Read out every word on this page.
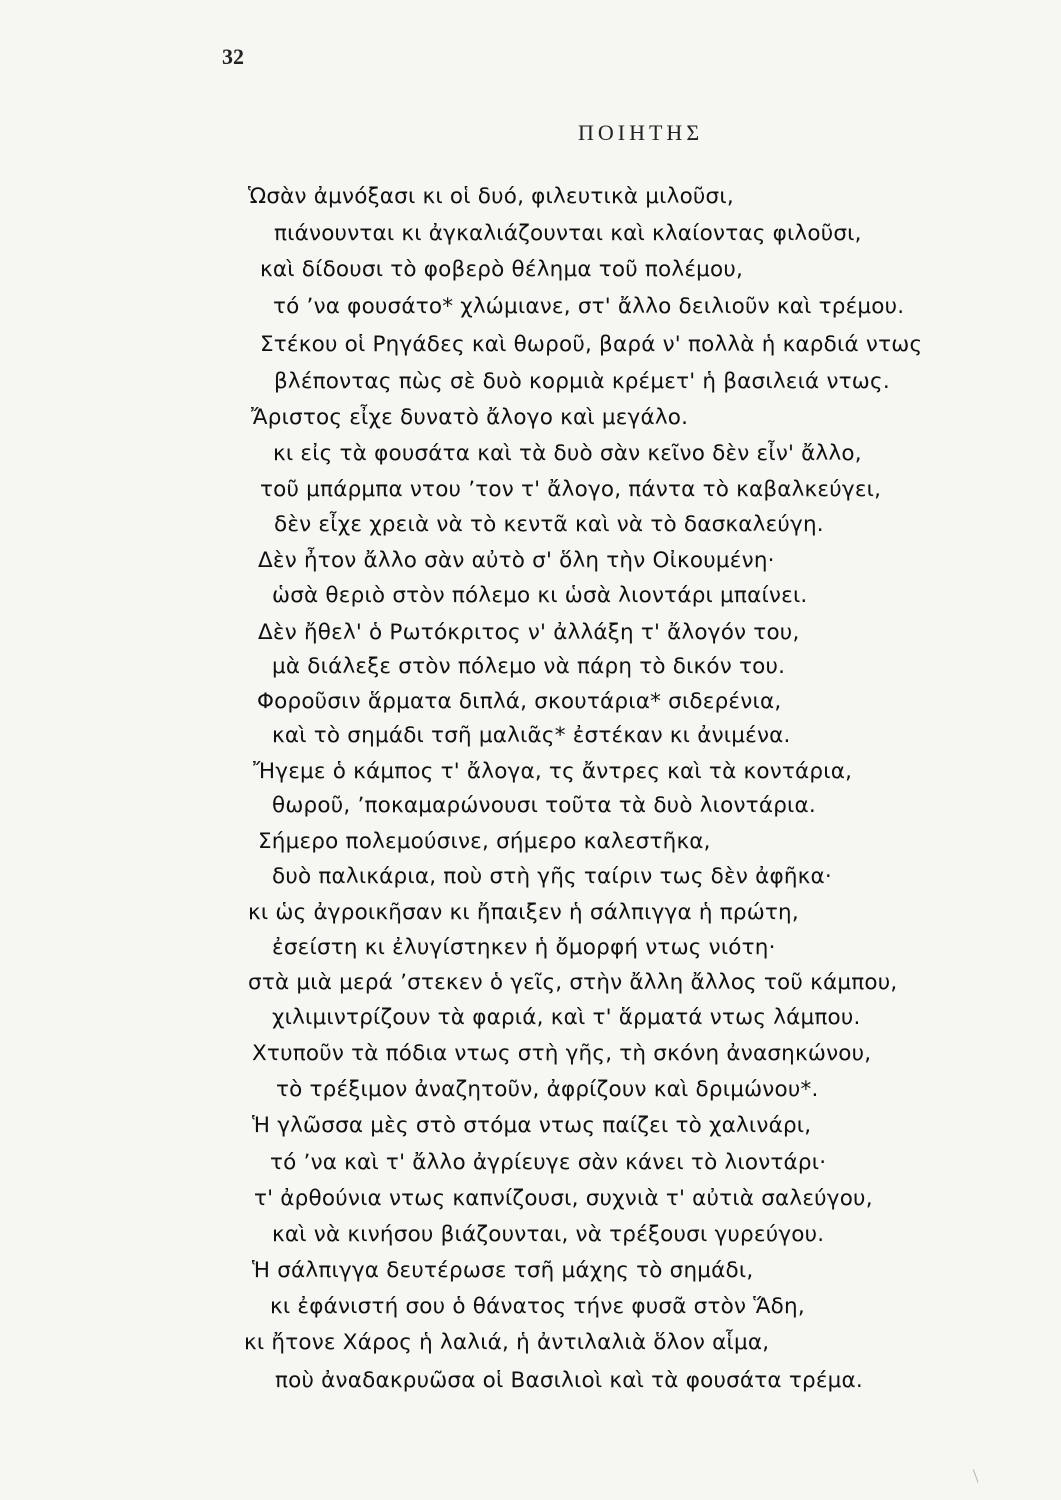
32
ΠΟΙΗΤΗΣ
Ὡσὰν ἀμνόξασι κι οἱ δυό, φιλευτικὰ μιλοῦσι,
πιάνουνται κι ἀγκαλιάζουνται καὶ κλαίοντας φιλοῦσι,
καὶ δίδουσι τὸ φοβερὸ θέλημα τοῦ πολέμου,
τό ʼνα φουσάτο* χλώμιανε, στ' ἄλλο δειλιοῦν καὶ τρέμου.
Στέκου οἱ Ρηγάδες καὶ θωροῦ, βαρά ν' πολλὰ ἡ καρδιά ντως
βλέποντας πὼς σὲ δυὸ κορμιὰ κρέμετ' ἡ βασιλειά ντως.
Ἄριστος εἶχε δυνατὸ ἄλογο καὶ μεγάλο.
κι εἰς τὰ φουσάτα καὶ τὰ δυὸ σὰν κεῖνο δὲν εἶν' ἄλλο,
τοῦ μπάρμπα ντου ʼτον τ' ἄλογο, πάντα τὸ καβαλκεύγει,
δὲν εἶχε χρειὰ νὰ τὸ κεντᾶ καὶ νὰ τὸ δασκαλεύγη.
Δὲν ἦτον ἄλλο σὰν αὐτὸ σ' ὅλη τὴν Οἰκουμένη·
ὡσὰ θεριὸ στὸν πόλεμο κι ὡσὰ λιοντάρι μπαίνει.
Δὲν ἤθελ' ὁ Ρωτόκριτος ν' ἀλλάξη τ' ἄλογόν του,
μὰ διάλεξε στὸν πόλεμο νὰ πάρη τὸ δικόν του.
Φοροῦσιν ἅρματα διπλά, σκουτάρια* σιδερένια,
καὶ τὸ σημάδι τσῆ μαλιᾶς* ἐστέκαν κι ἀνιμένα.
Ἤγεμε ὁ κάμπος τ' ἄλογα, τς ἄντρες καὶ τὰ κοντάρια,
θωροῦ, ʼποκαμαρώνουσι τοῦτα τὰ δυὸ λιοντάρια.
Σήμερο πολεμούσινε, σήμερο καλεστῆκα,
δυὸ παλικάρια, ποὺ στὴ γῆς ταίριν τως δὲν ἀφῆκα·
κι ὡς ἀγροικῆσαν κι ἤπαιξεν ἡ σάλπιγγα ἡ πρώτη,
ἐσείστη κι ἐλυγίστηκεν ἡ ὄμορφή ντως νιότη·
στὰ μιὰ μερά ʼστεκεν ὁ γεῖς, στὴν ἄλλη ἄλλος τοῦ κάμπου,
χιλιμιντρίζουν τὰ φαριά, καὶ τ' ἅρματά ντως λάμπου.
Χτυποῦν τὰ πόδια ντως στὴ γῆς, τὴ σκόνη ἀνασηκώνου,
τὸ τρέξιμον ἀναζητοῦν, ἀφρίζουν καὶ δριμώνου*.
Ἡ γλῶσσα μὲς στὸ στόμα ντως παίζει τὸ χαλινάρι,
τό ʼνα καὶ τ' ἄλλο ἀγρίευγε σὰν κάνει τὸ λιοντάρι·
τ' ἀρθούνια ντως καπνίζουσι, συχνιὰ τ' αὐτιὰ σαλεύγου,
καὶ νὰ κινήσου βιάζουνται, νὰ τρέξουσι γυρεύγου.
Ἡ σάλπιγγα δευτέρωσε τσῆ μάχης τὸ σημάδι,
κι ἐφάνιστή σου ὁ θάνατος τήνε φυσᾶ στὸν Ἅδη,
κι ἤτονε Χάρος ἡ λαλιά, ἡ ἀντιλαλιὰ ὅλον αἷμα,
ποὺ ἀναδακρυῶσα οἱ Βασιλιοὶ καὶ τὰ φουσάτα τρέμα.
